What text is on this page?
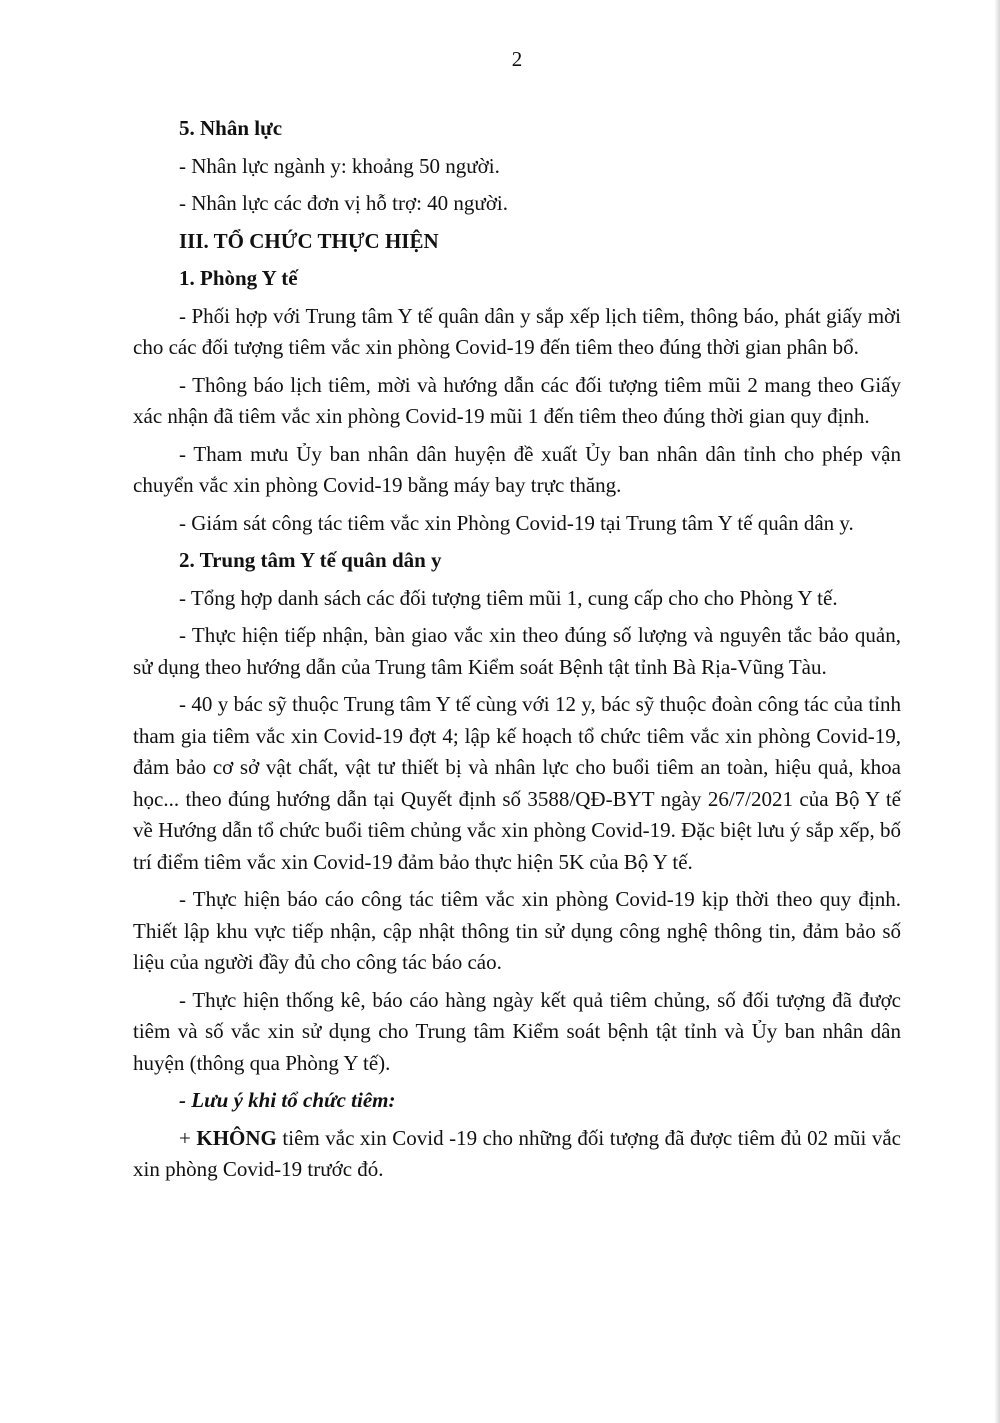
2

5. Nhân lực

- Nhân lực ngành y: khoảng 50 người.

- Nhân lực các đơn vị hỗ trợ: 40 người.

III. TỔ CHỨC THỰC HIỆN

1. Phòng Y tế

- Phối hợp với Trung tâm Y tế quân dân y sắp xếp lịch tiêm, thông báo, phát giấy mời cho các đối tượng tiêm vắc xin phòng Covid-19 đến tiêm theo đúng thời gian phân bổ.

- Thông báo lịch tiêm, mời và hướng dẫn các đối tượng tiêm mũi 2 mang theo Giấy xác nhận đã tiêm vắc xin phòng Covid-19 mũi 1 đến tiêm theo đúng thời gian quy định.

- Tham mưu Ủy ban nhân dân huyện đề xuất Ủy ban nhân dân tỉnh cho phép vận chuyển vắc xin phòng Covid-19 bằng máy bay trực thăng.

- Giám sát công tác tiêm vắc xin Phòng Covid-19 tại Trung tâm Y tế quân dân y.

2. Trung tâm Y tế quân dân y

- Tổng hợp danh sách các đối tượng tiêm mũi 1, cung cấp cho cho Phòng Y tế.

- Thực hiện tiếp nhận, bàn giao vắc xin theo đúng số lượng và nguyên tắc bảo quản, sử dụng theo hướng dẫn của Trung tâm Kiểm soát Bệnh tật tỉnh Bà Rịa-Vũng Tàu.

- 40 y bác sỹ thuộc Trung tâm Y tế cùng với 12 y, bác sỹ thuộc đoàn công tác của tỉnh tham gia tiêm vắc xin Covid-19 đợt 4; lập kế hoạch tổ chức tiêm vắc xin phòng Covid-19, đảm bảo cơ sở vật chất, vật tư thiết bị và nhân lực cho buổi tiêm an toàn, hiệu quả, khoa học... theo đúng hướng dẫn tại Quyết định số 3588/QĐ-BYT ngày 26/7/2021 của Bộ Y tế về Hướng dẫn tổ chức buổi tiêm chủng vắc xin phòng Covid-19. Đặc biệt lưu ý sắp xếp, bố trí điểm tiêm vắc xin Covid-19 đảm bảo thực hiện 5K của Bộ Y tế.

- Thực hiện báo cáo công tác tiêm vắc xin phòng Covid-19 kịp thời theo quy định. Thiết lập khu vực tiếp nhận, cập nhật thông tin sử dụng công nghệ thông tin, đảm bảo số liệu của người đầy đủ cho công tác báo cáo.

- Thực hiện thống kê, báo cáo hàng ngày kết quả tiêm chủng, số đối tượng đã được tiêm và số vắc xin sử dụng cho Trung tâm Kiểm soát bệnh tật tỉnh và Ủy ban nhân dân huyện (thông qua Phòng Y tế).

- Lưu ý khi tổ chức tiêm:

+ KHÔNG tiêm vắc xin Covid -19 cho những đối tượng đã được tiêm đủ 02 mũi vắc xin phòng Covid-19 trước đó.
